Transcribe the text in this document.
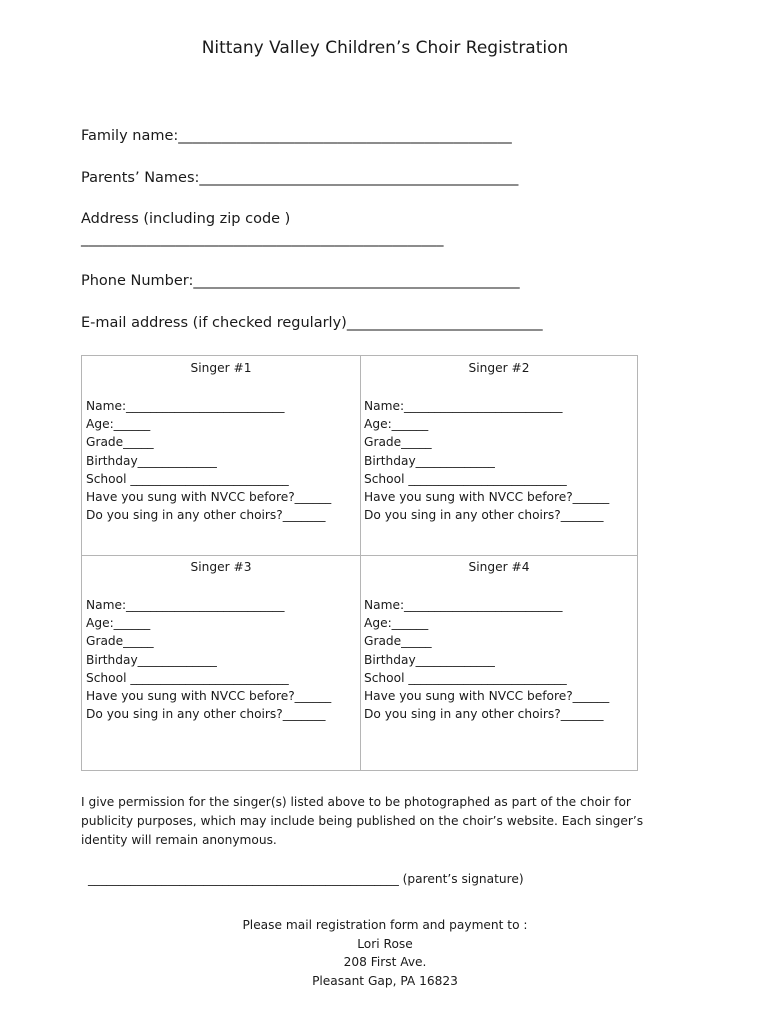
Nittany Valley Children’s Choir Registration
Family name:______________________________________________
Parents’ Names:____________________________________________
Address (including zip code )
__________________________________________________
Phone Number:_____________________________________________
E-mail address (if checked regularly)___________________________
Singer #1
Name:__________________________
Age:______
Grade_____
Birthday_____________
School __________________________
Have you sung with NVCC before?______
Do you sing in any other choirs?_______
Singer #2
Name:__________________________
Age:______
Grade_____
Birthday_____________
School __________________________
Have you sung with NVCC before?______
Do you sing in any other choirs?_______
Singer #3
Name:__________________________
Age:______
Grade_____
Birthday_____________
School __________________________
Have you sung with NVCC before?______
Do you sing in any other choirs?_______
Singer #4
Name:__________________________
Age:______
Grade_____
Birthday_____________
School __________________________
Have you sung with NVCC before?______
Do you sing in any other choirs?_______
I give permission for the singer(s) listed above to be photographed as part of the choir for
publicity purposes, which may include being published on the choir’s website. Each singer’s
identity will remain anonymous.
___________________________________________________ (parent’s signature)
Please mail registration form and payment to :
Lori Rose
208 First Ave.
Pleasant Gap, PA 16823
